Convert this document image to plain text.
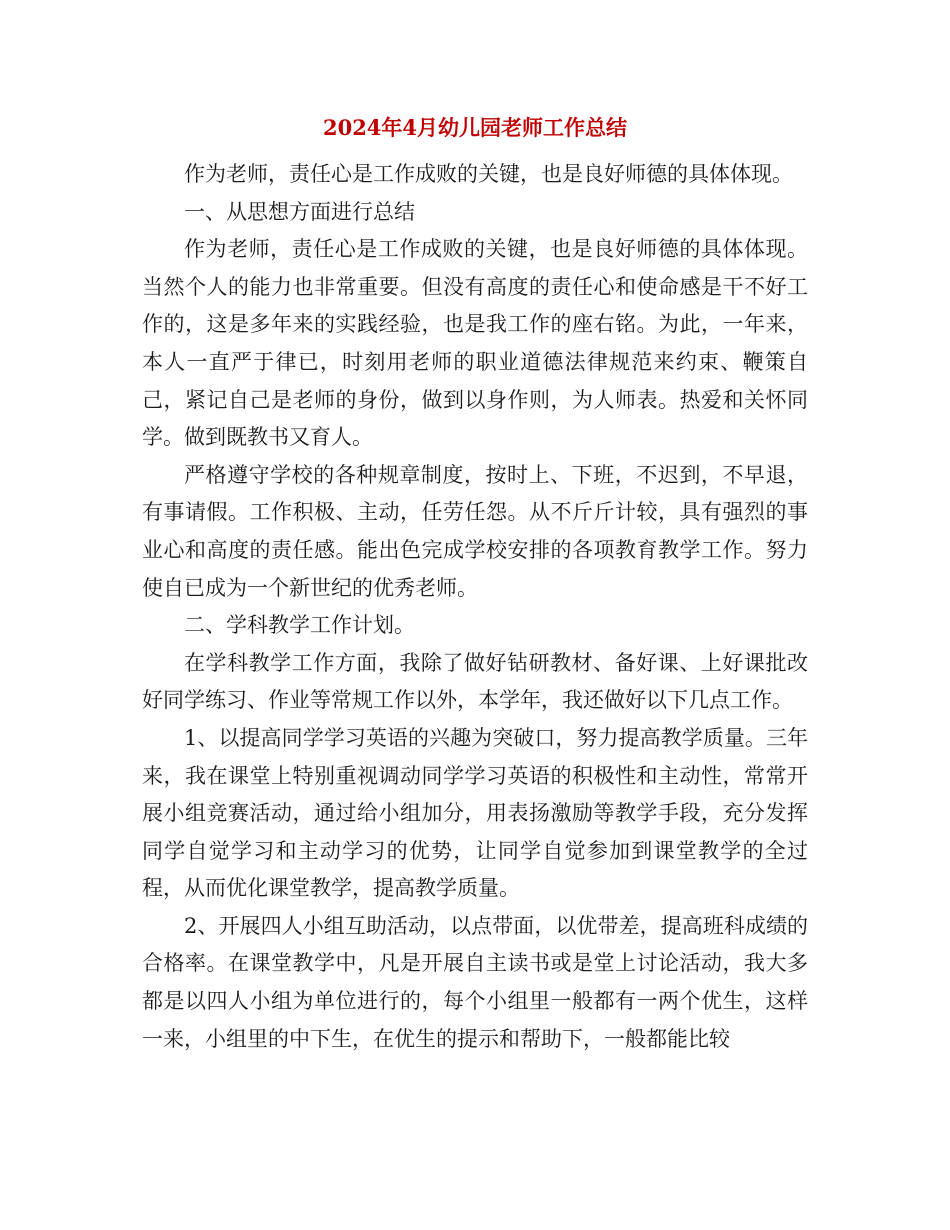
2024年4月幼儿园老师工作总结

作为老师，责任心是工作成败的关键，也是良好师德的具体体现。

一、从思想方面进行总结

作为老师，责任心是工作成败的关键，也是良好师德的具体体现。当然个人的能力也非常重要。但没有高度的责任心和使命感是干不好工作的，这是多年来的实践经验，也是我工作的座右铭。为此，一年来，本人一直严于律已，时刻用老师的职业道德法律规范来约束、鞭策自己，紧记自己是老师的身份，做到以身作则，为人师表。热爱和关怀同学。做到既教书又育人。

严格遵守学校的各种规章制度，按时上、下班，不迟到，不早退，有事请假。工作积极、主动，任劳任怨。从不斤斤计较，具有强烈的事业心和高度的责任感。能出色完成学校安排的各项教育教学工作。努力使自已成为一个新世纪的优秀老师。

二、学科教学工作计划。

在学科教学工作方面，我除了做好钻研教材、备好课、上好课批改好同学练习、作业等常规工作以外，本学年，我还做好以下几点工作。

1、以提高同学学习英语的兴趣为突破口，努力提高教学质量。三年来，我在课堂上特别重视调动同学学习英语的积极性和主动性，常常开展小组竞赛活动，通过给小组加分，用表扬激励等教学手段，充分发挥同学自觉学习和主动学习的优势，让同学自觉参加到课堂教学的全过程，从而优化课堂教学，提高教学质量。

2、开展四人小组互助活动，以点带面，以优带差，提高班科成绩的合格率。在课堂教学中，凡是开展自主读书或是堂上讨论活动，我大多都是以四人小组为单位进行的，每个小组里一般都有一两个优生，这样一来，小组里的中下生，在优生的提示和帮助下，一般都能比较
